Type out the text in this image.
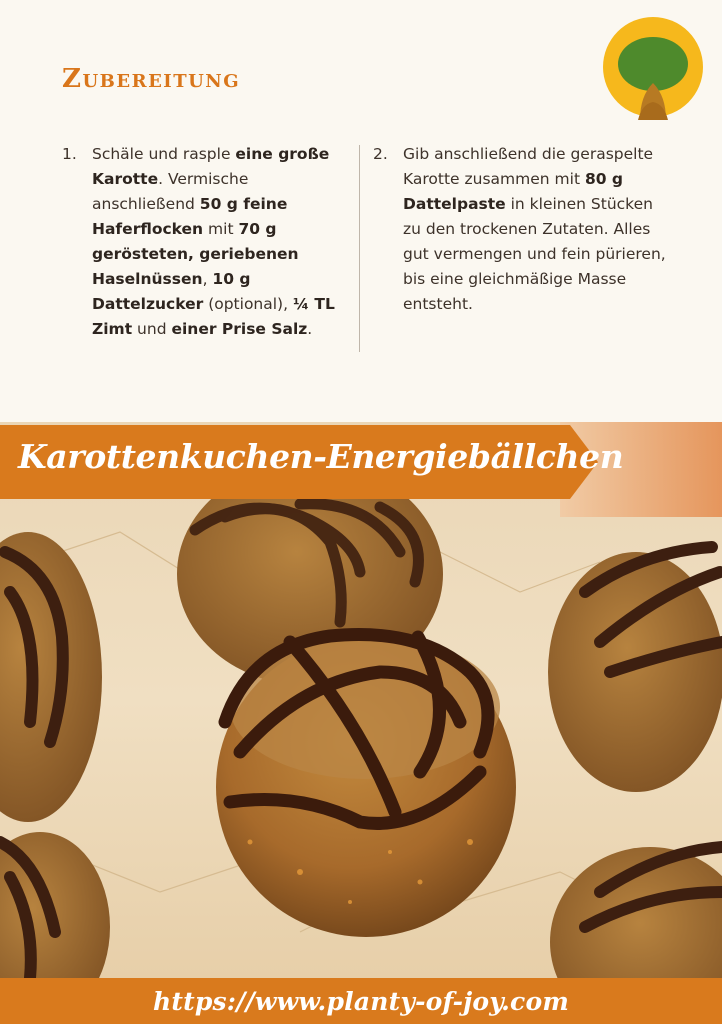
Zubereitung
1. Schäle und rasple eine große Karotte. Vermische anschließend 50 g feine Haferflocken mit 70 g gerösteten, geriebenen Haselnüssen, 10 g Dattelzucker (optional), ¼ TL Zimt und einer Prise Salz.
2. Gib anschließend die geraspelte Karotte zusammen mit 80 g Dattelpaste in kleinen Stücken zu den trockenen Zutaten. Alles gut vermengen und fein pürieren, bis eine gleichmäßige Masse entsteht.
Karottenkuchen-Energiebällchen
https://www.planty-of-joy.com
